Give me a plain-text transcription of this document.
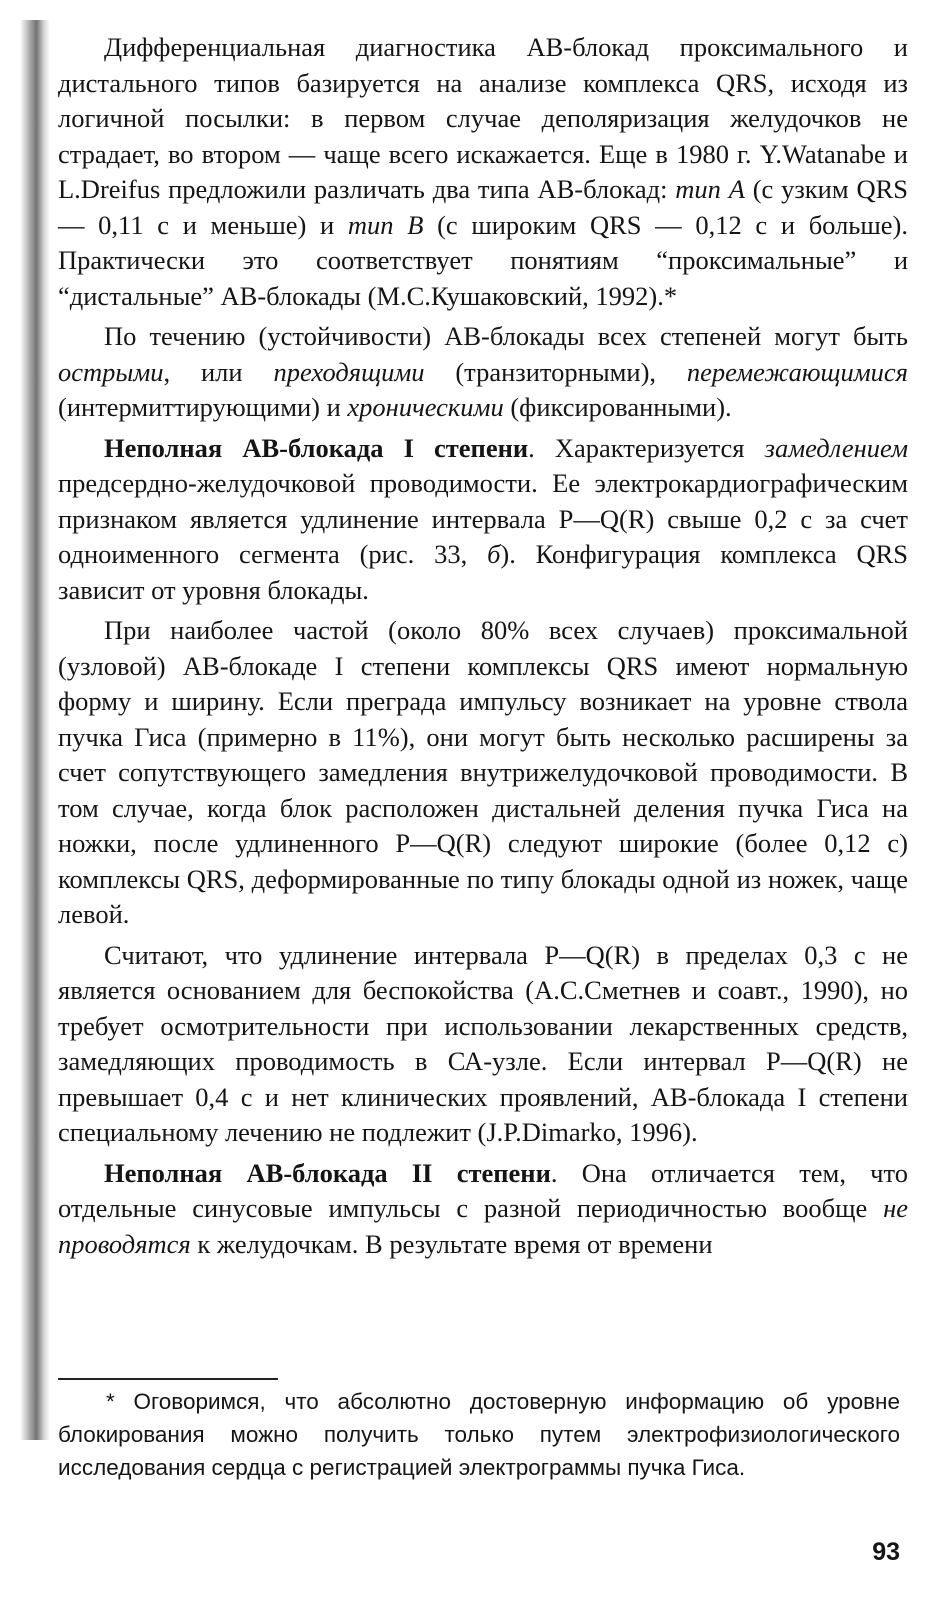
Дифференциальная диагностика АВ-блокад проксимального и дистального типов базируется на анализе комплекса QRS, исходя из логичной посылки: в первом случае деполяризация желудочков не страдает, во втором — чаще всего искажается. Еще в 1980 г. Y.Watanabe и L.Dreifus предложили различать два типа АВ-блокад: тип A (с узким QRS — 0,11 с и меньше) и тип B (с широким QRS — 0,12 с и больше). Практически это соответствует понятиям “проксимальные” и “дистальные” АВ-блокады (М.С.Кушаковский, 1992).*

По течению (устойчивости) АВ-блокады всех степеней могут быть острыми, или преходящими (транзиторными), перемежающимися (интермиттирующими) и хроническими (фиксированными).

Неполная АВ-блокада I степени. Характеризуется замедлением предсердно-желудочковой проводимости. Ее электрокардиографическим признаком является удлинение интервала P—Q(R) свыше 0,2 с за счет одноименного сегмента (рис. 33, б). Конфигурация комплекса QRS зависит от уровня блокады.

При наиболее частой (около 80% всех случаев) проксимальной (узловой) АВ-блокаде I степени комплексы QRS имеют нормальную форму и ширину. Если преграда импульсу возникает на уровне ствола пучка Гиса (примерно в 11%), они могут быть несколько расширены за счет сопутствующего замедления внутрижелудочковой проводимости. В том случае, когда блок расположен дистальней деления пучка Гиса на ножки, после удлиненного P—Q(R) следуют широкие (более 0,12 с) комплексы QRS, деформированные по типу блокады одной из ножек, чаще левой.

Считают, что удлинение интервала P—Q(R) в пределах 0,3 с не является основанием для беспокойства (А.С.Сметнев и соавт., 1990), но требует осмотрительности при использовании лекарственных средств, замедляющих проводимость в СА-узле. Если интервал P—Q(R) не превышает 0,4 с и нет клинических проявлений, АВ-блокада I степени специальному лечению не подлежит (J.P.Dimarko, 1996).

Неполная АВ-блокада II степени. Она отличается тем, что отдельные синусовые импульсы с разной периодичностью вообще не проводятся к желудочкам. В результате время от времени

* Оговоримся, что абсолютно достоверную информацию об уровне блокирования можно получить только путем электрофизиологического исследования сердца с регистрацией электрограммы пучка Гиса.

93
